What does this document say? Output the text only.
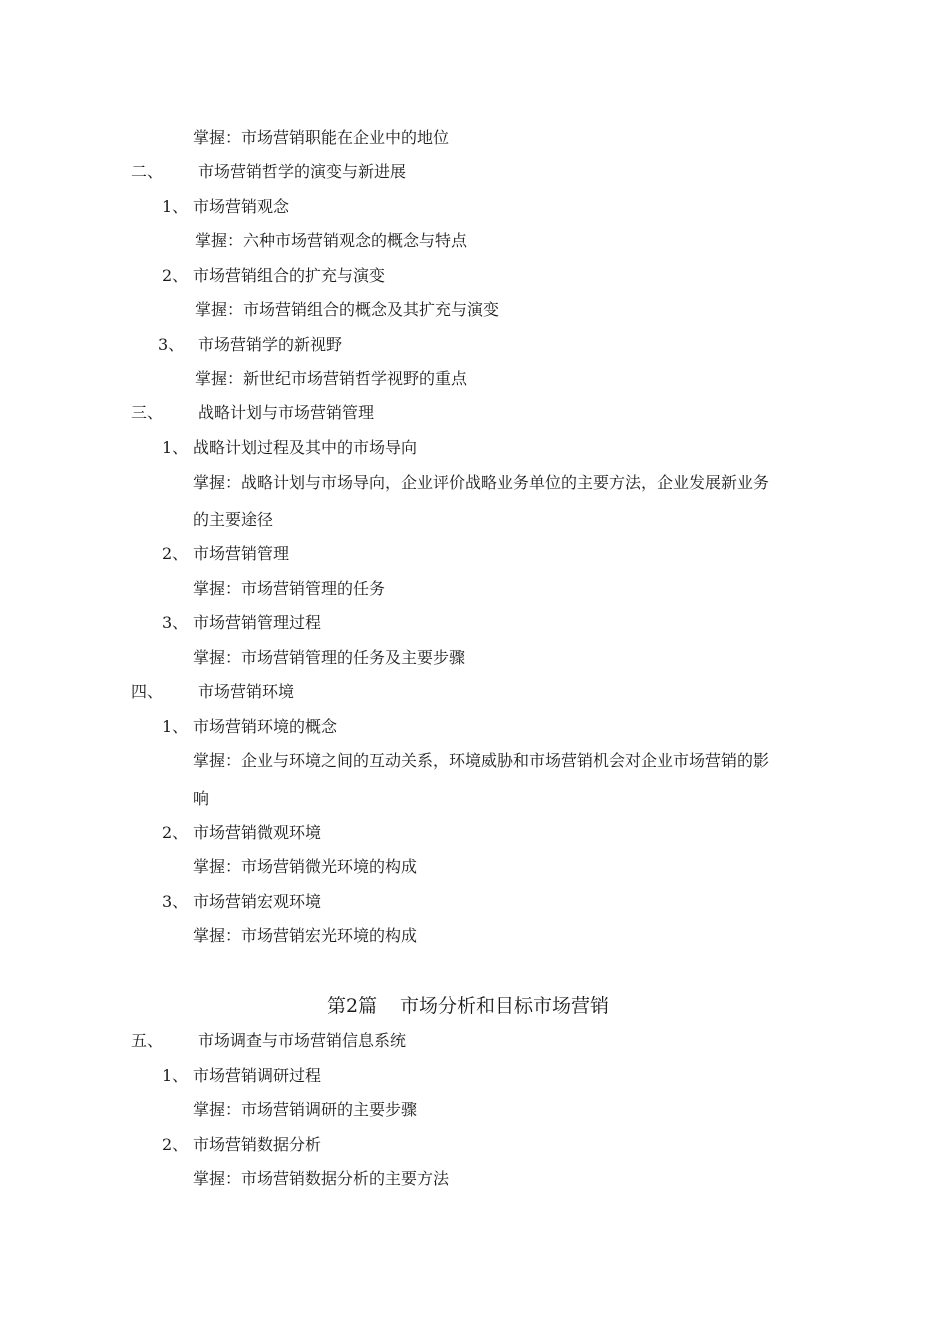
掌握：市场营销职能在企业中的地位
二、 市场营销哲学的演变与新进展
1、 市场营销观念
掌握：六种市场营销观念的概念与特点
2、 市场营销组合的扩充与演变
掌握：市场营销组合的概念及其扩充与演变
3、 市场营销学的新视野
掌握：新世纪市场营销哲学视野的重点
三、 战略计划与市场营销管理
1、 战略计划过程及其中的市场导向
掌握：战略计划与市场导向，企业评价战略业务单位的主要方法，企业发展新业务
的主要途径
2、 市场营销管理
掌握：市场营销管理的任务
3、 市场营销管理过程
掌握：市场营销管理的任务及主要步骤
四、 市场营销环境
1、 市场营销环境的概念
掌握：企业与环境之间的互动关系，环境威胁和市场营销机会对企业市场营销的影
响
2、 市场营销微观环境
掌握：市场营销微光环境的构成
3、 市场营销宏观环境
掌握：市场营销宏光环境的构成
第2篇 市场分析和目标市场营销
五、 市场调查与市场营销信息系统
1、 市场营销调研过程
掌握：市场营销调研的主要步骤
2、 市场营销数据分析
掌握：市场营销数据分析的主要方法
